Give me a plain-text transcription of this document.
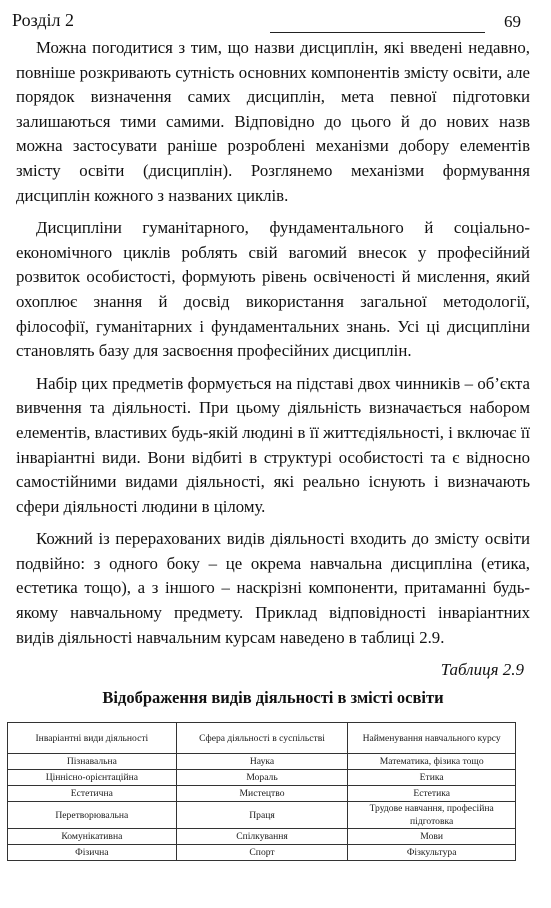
Розділ 2	69

Можна погодитися з тим, що назви дисциплін, які введені недавно, повніше розкривають сутність основних компонентів змісту освіти, але порядок визначення самих дисциплін, мета певної підготовки залишаються тими самими. Відповідно до цього й до нових назв можна застосувати раніше розроблені механізми добору елементів змісту освіти (дисциплін). Розглянемо механізми формування дисциплін кожного з названих циклів.

Дисципліни гуманітарного, фундаментального й соціально-економічного циклів роблять свій вагомий внесок у професійний розвиток особистості, формують рівень освіченості й мислення, який охоплює знання й досвід використання загальної методології, філософії, гуманітарних і фундаментальних знань. Усі ці дисципліни становлять базу для засвоєння професійних дисциплін.

Набір цих предметів формується на підставі двох чинників – об’єкта вивчення та діяльності. При цьому діяльність визначається набором елементів, властивих будь-якій людині в її життєдіяльності, і включає її інваріантні види. Вони відбиті в структурі особистості та є відносно самостійними видами діяльності, які реально існують і визначають сфери діяльності людини в цілому.

Кожний із перерахованих видів діяльності входить до змісту освіти подвійно: з одного боку – це окрема навчальна дисципліна (етика, естетика тощо), а з іншого – наскрізні компоненти, притаманні будь-якому навчальному предмету. Приклад відповідності інваріантних видів діяльності навчальним курсам наведено в таблиці 2.9.

Таблиця 2.9
Відображення видів діяльності в змісті освіти
Інваріантні види діяльності	Сфера діяльності в суспільстві	Найменування навчального курсу
Пізнавальна	Наука	Математика, фізика тощо
Ціннісно-орієнтаційна	Мораль	Етика
Естетична	Мистецтво	Естетика
Перетворювальна	Праця	Трудове навчання, професійна підготовка
Комунікативна	Спілкування	Мови
Фізична	Спорт	Фізкультура
